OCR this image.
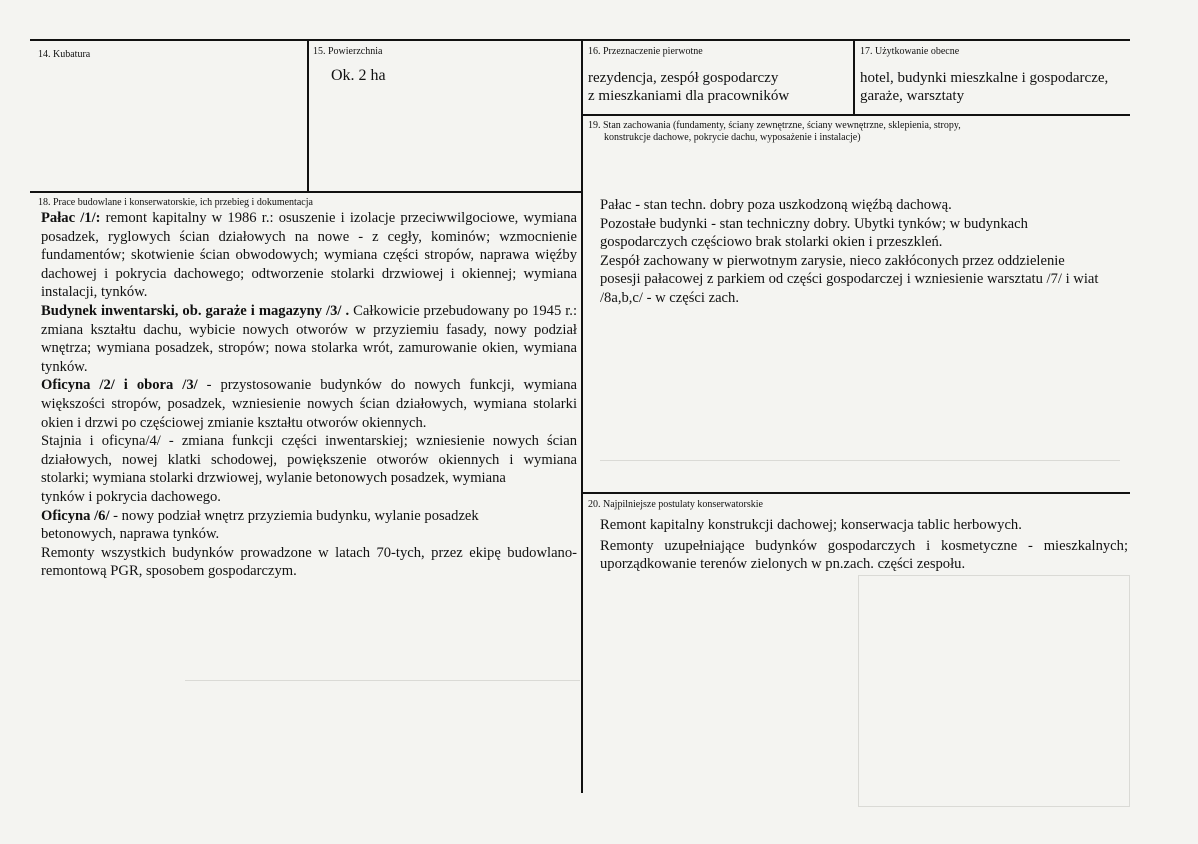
14. Kubatura	15. Powierzchnia
Ok. 2 ha
16. Przeznaczenie pierwotne
rezydencja, zespół gospodarczy
z mieszkaniami dla pracowników
17. Użytkowanie obecne
hotel, budynki mieszkalne i gospodarcze,
garaże, warsztaty
19. Stan zachowania (fundamenty, ściany zewnętrzne, ściany wewnętrzne, sklepienia, stropy,
konstrukcje dachowe, pokrycie dachu, wyposażenie i instalacje)
Pałac - stan techn. dobry poza uszkodzoną więźbą dachową.
Pozostałe budynki - stan techniczny dobry. Ubytki tynków; w budynkach gospodarczych częściowo brak stolarki okien i przeszkleń.
Zespół zachowany w pierwotnym zarysie, nieco zakłóconych przez oddzielenie posesji pałacowej z parkiem od części gospodarczej i wzniesienie warsztatu /7/ i wiat /8a,b,c/ - w części zach.
18. Prace budowlane i konserwatorskie, ich przebieg i dokumentacja
Pałac /1/: remont kapitalny w 1986 r.: osuszenie i izolacje przeciwwilgociowe, wymiana posadzek, ryglowych ścian działowych na nowe - z cegły, kominów; wzmocnienie fundamentów; skotwienie ścian obwodowych; wymiana części stropów, naprawa więźby dachowej i pokrycia dachowego; odtworzenie stolarki drzwiowej i okiennej; wymiana instalacji, tynków.
Budynek inwentarski, ob. garaże i magazyny /3/ . Całkowicie przebudowany po 1945 r.: zmiana kształtu dachu, wybicie nowych otworów w przyziemiu fasady, nowy podział wnętrza; wymiana posadzek, stropów; nowa stolarka wrót, zamurowanie okien, wymiana tynków.
Oficyna /2/ i obora /3/ - przystosowanie budynków do nowych funkcji, wymiana większości stropów, posadzek, wzniesienie nowych ścian działowych, wymiana stolarki okien i drzwi po częściowej zmianie kształtu otworów okiennych.
Stajnia i oficyna/4/ - zmiana funkcji części inwentarskiej; wzniesienie nowych ścian działowych, nowej klatki schodowej, powiększenie otworów okiennych i wymiana stolarki; wymiana stolarki drzwiowej, wylanie betonowych posadzek, wymiana
tynków i pokrycia dachowego.
Oficyna /6/ - nowy podział wnętrz przyziemia budynku, wylanie posadzek
betonowych, naprawa tynków.
Remonty wszystkich budynków prowadzone w latach 70-tych, przez ekipę budowlano-remontową PGR, sposobem gospodarczym.
20. Najpilniejsze postulaty konserwatorskie
Remont kapitalny konstrukcji dachowej; konserwacja tablic herbowych.
Remonty uzupełniające budynków gospodarczych i kosmetyczne - mieszkalnych; uporządkowanie terenów zielonych w pn.zach. części zespołu.
